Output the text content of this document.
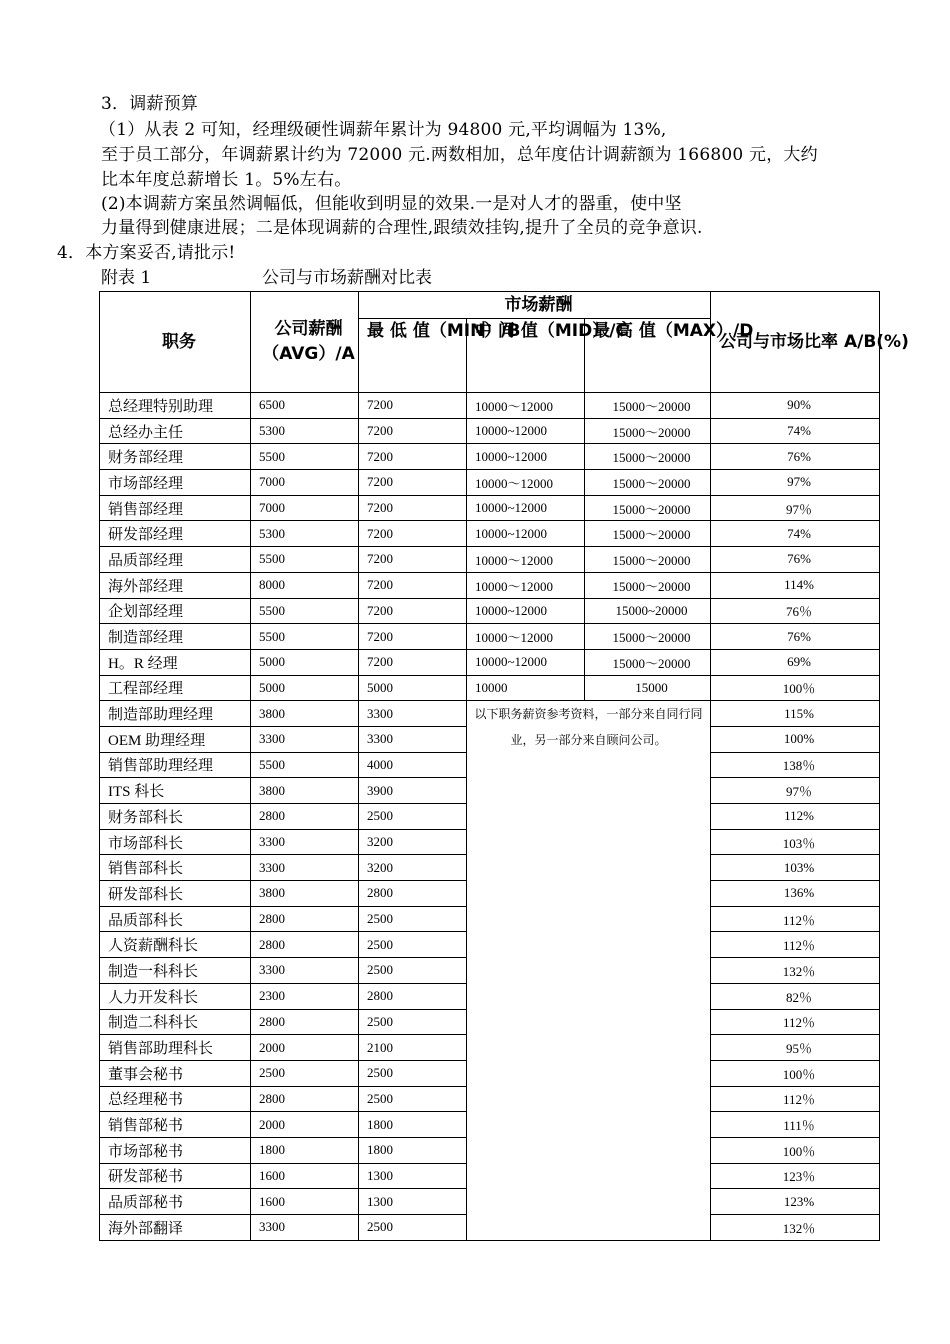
3．调薪预算
（1）从表 2 可知，经理级硬性调薪年累计为 94800 元,平均调幅为 13%,
至于员工部分，年调薪累计约为 72000 元.两数相加，总年度估计调薪额为 166800 元，大约
比本年度总薪增长 1。5%左右。
(2)本调薪方案虽然调幅低，但能收到明显的效果.一是对人才的器重，使中坚
力量得到健康进展；二是体现调薪的合理性,跟绩效挂钩,提升了全员的竞争意识.
4．本方案妥否,请批示!
附表 1	公司与市场薪酬对比表
职务	公司薪酬（AVG）/A	市场薪酬			公司与市场比率 A/B(%)
		最 低 值（MIN）/B	中 间 值（MID）/C	最 高 值（MAX）/D	
总经理特别助理	6500	7200	10000～12000	15000～20000	90%
总经办主任	5300	7200	10000~12000	15000～20000	74%
财务部经理	5500	7200	10000~12000	15000～20000	76%
市场部经理	7000	7200	10000～12000	15000～20000	97%
销售部经理	7000	7200	10000~12000	15000～20000	97％
研发部经理	5300	7200	10000~12000	15000～20000	74%
品质部经理	5500	7200	10000～12000	15000～20000	76%
海外部经理	8000	7200	10000～12000	15000～20000	114%
企划部经理	5500	7200	10000~12000	15000~20000	76％
制造部经理	5500	7200	10000～12000	15000～20000	76%
H。R 经理	5000	7200	10000~12000	15000～20000	69%
工程部经理	5000	5000	10000	15000	100％
制造部助理经理	3800	3300	以下职务薪资参考资料，一部分来自同行同业，另一部分来自顾问公司。		115%
OEM 助理经理	3300	3300			100%
销售部助理经理	5500	4000			138％
ITS 科长	3800	3900			97％
财务部科长	2800	2500			112%
市场部科长	3300	3200			103％
销售部科长	3300	3200			103%
研发部科长	3800	2800			136%
品质部科长	2800	2500			112％
人资薪酬科长	2800	2500			112％
制造一科科长	3300	2500			132％
人力开发科长	2300	2800			82％
制造二科科长	2800	2500			112％
销售部助理科长	2000	2100			95％
董事会秘书	2500	2500			100％
总经理秘书	2800	2500			112％
销售部秘书	2000	1800			111％
市场部秘书	1800	1800			100％
研发部秘书	1600	1300			123％
品质部秘书	1600	1300			123%
海外部翻译	3300	2500			132％
